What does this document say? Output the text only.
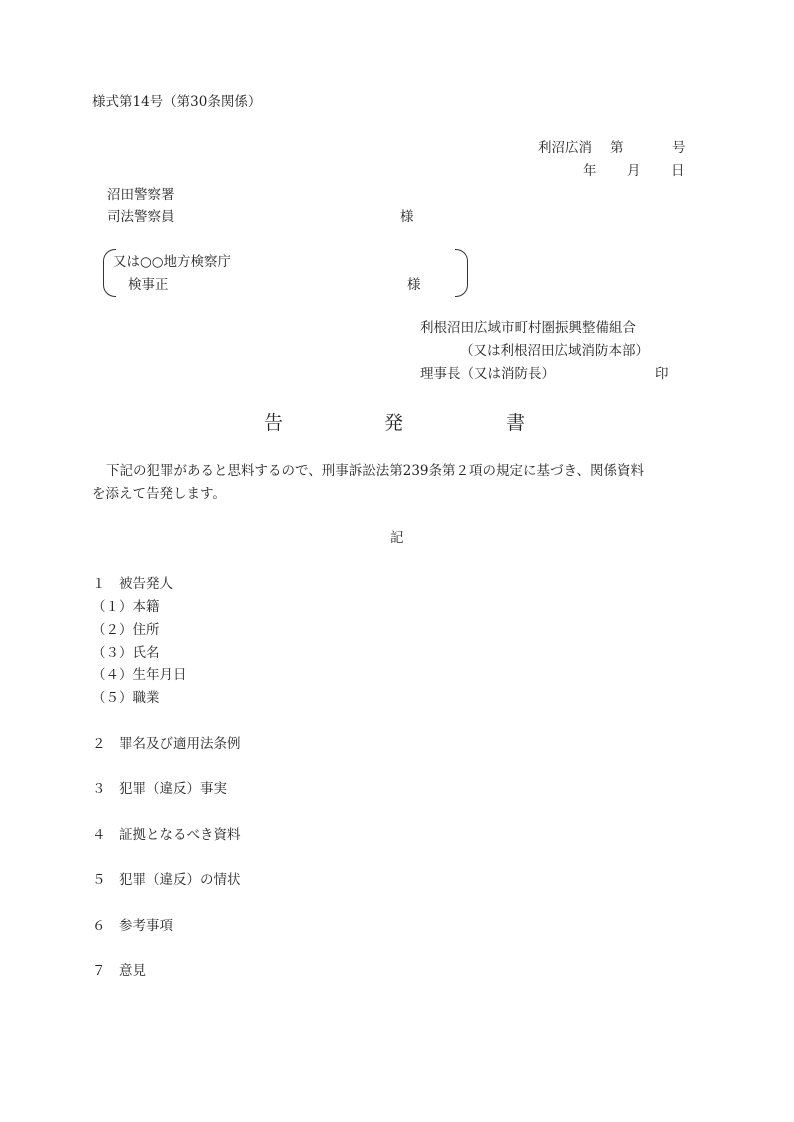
様式第14号（第30条関係）
利沼広消 第	号
年 月 日
沼田警察署
司法警察員	様
又は○○地方検察庁
検事正	様
利根沼田広域市町村圏振興整備組合
（又は利根沼田広域消防本部）
理事長（又は消防長）	印
告	発	書
下記の犯罪があると思料するので、刑事訴訟法第239条第２項の規定に基づき、関係資料
を添えて告発します。
記
１　被告発人
（１）本籍
（２）住所
（３）氏名
（４）生年月日
（５）職業
２　罪名及び適用法条例
３　犯罪（違反）事実
４　証拠となるべき資料
５　犯罪（違反）の情状
６　参考事項
７　意見
